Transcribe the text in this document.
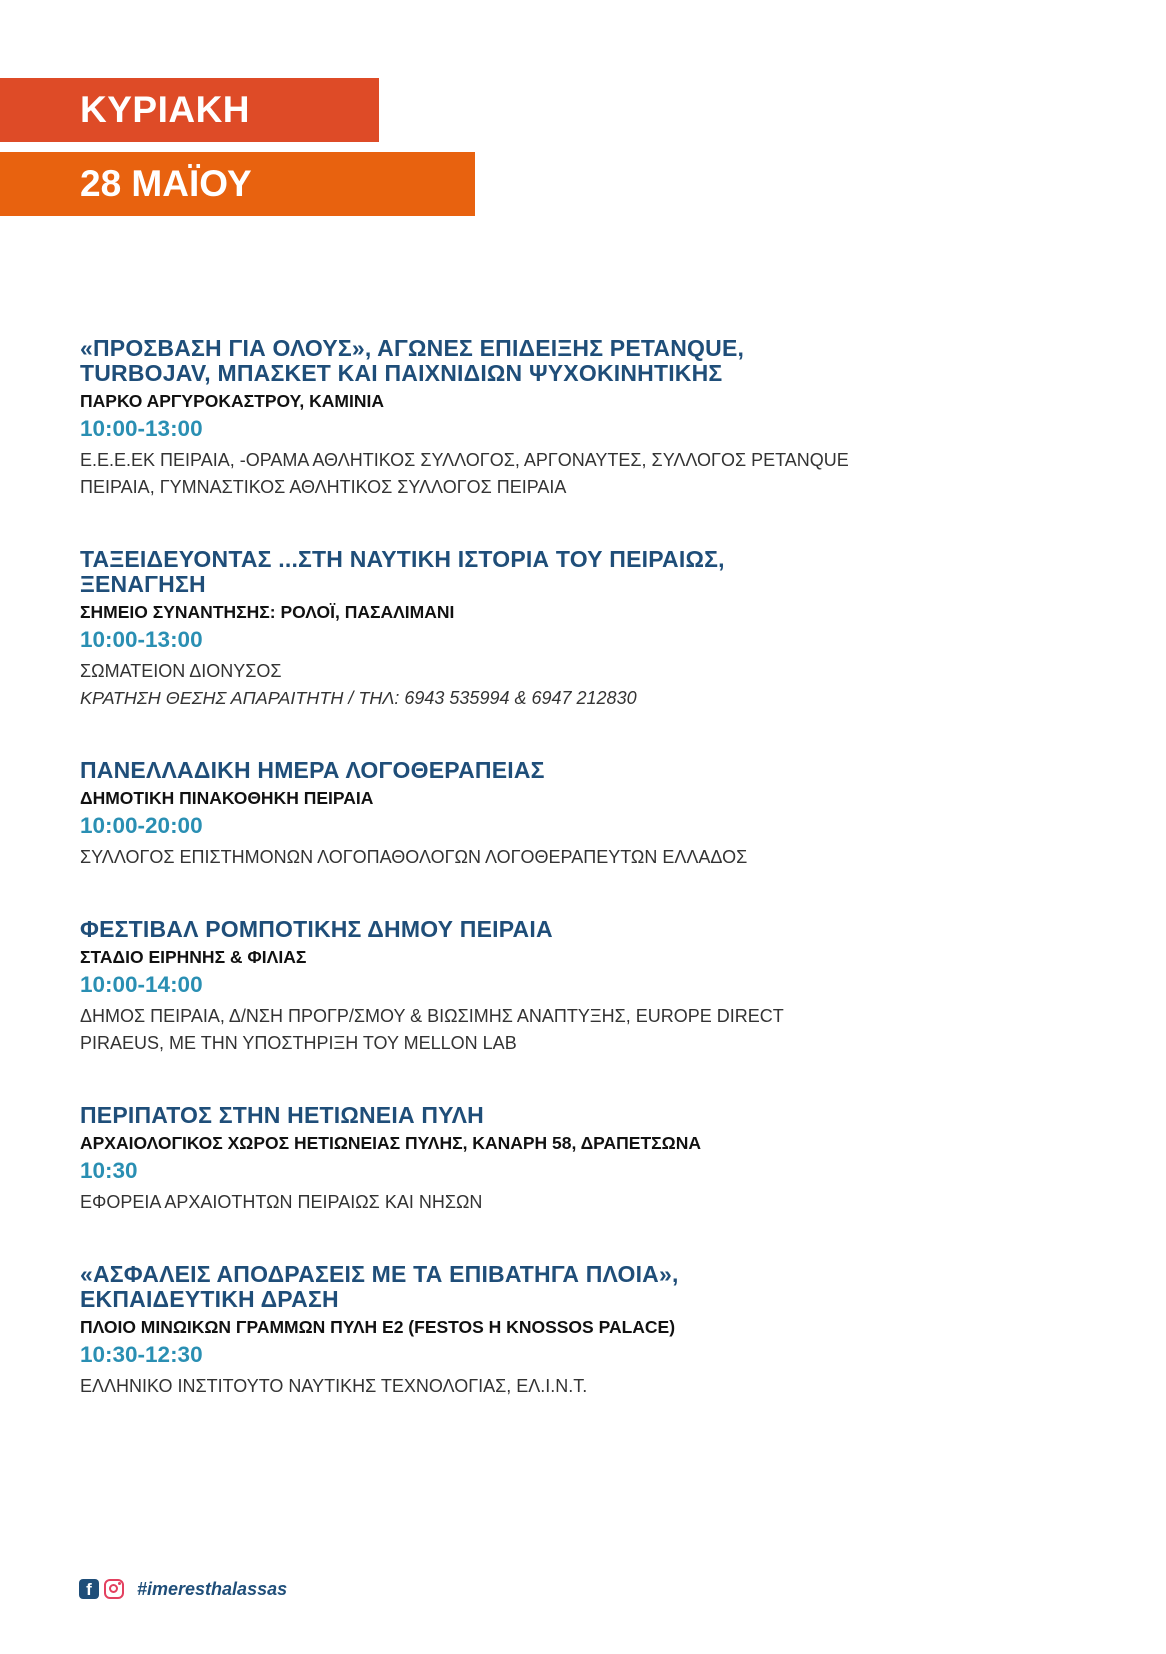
ΚΥΡΙΑΚΗ
28 ΜΑΪΟΥ

«ΠΡΟΣΒΑΣΗ ΓΙΑ ΟΛΟΥΣ», ΑΓΩΝΕΣ ΕΠΙΔΕΙΞΗΣ PETANQUE,
TURBOJAV, ΜΠΑΣΚΕΤ ΚΑΙ ΠΑΙΧΝΙΔΙΩΝ ΨΥΧΟΚΙΝΗΤΙΚΗΣ

ΠΑΡΚΟ ΑΡΓΥΡΟΚΑΣΤΡΟΥ, ΚΑΜΙΝΙΑ

10:00-13:00

Ε.Ε.Ε.ΕΚ ΠΕΙΡΑΙΑ, -ΟΡΑΜΑ ΑΘΛΗΤΙΚΟΣ ΣΥΛΛΟΓΟΣ, ΑΡΓΟΝΑΥΤΕΣ, ΣΥΛΛΟΓΟΣ PETANQUE
ΠΕΙΡΑΙΑ, ΓΥΜΝΑΣΤΙΚΟΣ ΑΘΛΗΤΙΚΟΣ ΣΥΛΛΟΓΟΣ ΠΕΙΡΑΙΑ

ΤΑΞΕΙΔΕΥΟΝΤΑΣ ...ΣΤΗ ΝΑΥΤΙΚΗ ΙΣΤΟΡΙΑ ΤΟΥ ΠΕΙΡΑΙΩΣ,
ΞΕΝΑΓΗΣΗ

ΣΗΜΕΙΟ ΣΥΝΑΝΤΗΣΗΣ: ΡΟΛΟΪ, ΠΑΣΑΛΙΜΑΝΙ

10:00-13:00

ΣΩΜΑΤΕΙΟΝ ΔΙΟΝΥΣΟΣ

ΚΡΑΤΗΣΗ ΘΕΣΗΣ ΑΠΑΡΑΙΤΗΤΗ / ΤΗΛ: 6943 535994 & 6947 212830

ΠΑΝΕΛΛΑΔΙΚΗ ΗΜΕΡΑ ΛΟΓΟΘΕΡΑΠΕΙΑΣ

ΔΗΜΟΤΙΚΗ ΠΙΝΑΚΟΘΗΚΗ ΠΕΙΡΑΙΑ

10:00-20:00

ΣΥΛΛΟΓΟΣ ΕΠΙΣΤΗΜΟΝΩΝ ΛΟΓΟΠΑΘΟΛΟΓΩΝ ΛΟΓΟΘΕΡΑΠΕΥΤΩΝ ΕΛΛΑΔΟΣ

ΦΕΣΤΙΒΑΛ ΡΟΜΠΟΤΙΚΗΣ ΔΗΜΟΥ ΠΕΙΡΑΙΑ

ΣΤΑΔΙΟ ΕΙΡΗΝΗΣ & ΦΙΛΙΑΣ

10:00-14:00

ΔΗΜΟΣ ΠΕΙΡΑΙΑ, Δ/ΝΣΗ ΠΡΟΓΡ/ΣΜΟΥ & ΒΙΩΣΙΜΗΣ ΑΝΑΠΤΥΞΗΣ, EUROPE DIRECT
PIRAEUS, ΜΕ ΤΗΝ ΥΠΟΣΤΗΡΙΞΗ ΤΟΥ MELLON LAB

ΠΕΡΙΠΑΤΟΣ ΣΤΗΝ ΗΕΤΙΩΝΕΙΑ ΠΥΛΗ

ΑΡΧΑΙΟΛΟΓΙΚΟΣ ΧΩΡΟΣ ΗΕΤΙΩΝΕΙΑΣ ΠΥΛΗΣ, ΚΑΝΑΡΗ 58, ΔΡΑΠΕΤΣΩΝΑ

10:30

ΕΦΟΡΕΙΑ ΑΡΧΑΙΟΤΗΤΩΝ ΠΕΙΡΑΙΩΣ ΚΑΙ ΝΗΣΩΝ

«ΑΣΦΑΛΕΙΣ ΑΠΟΔΡΑΣΕΙΣ ΜΕ ΤΑ ΕΠΙΒΑΤΗΓΑ ΠΛΟΙΑ»,
ΕΚΠΑΙΔΕΥΤΙΚΗ ΔΡΑΣΗ

ΠΛΟΙΟ ΜΙΝΩΙΚΩΝ ΓΡΑΜΜΩΝ ΠΥΛΗ Ε2 (FESTOS Η KNOSSOS PALACE)

10:30-12:30

ΕΛΛΗΝΙΚΟ ΙΝΣΤΙΤΟΥΤΟ ΝΑΥΤΙΚΗΣ ΤΕΧΝΟΛΟΓΙΑΣ, ΕΛ.Ι.Ν.Τ.

f	#imeresthalassas
